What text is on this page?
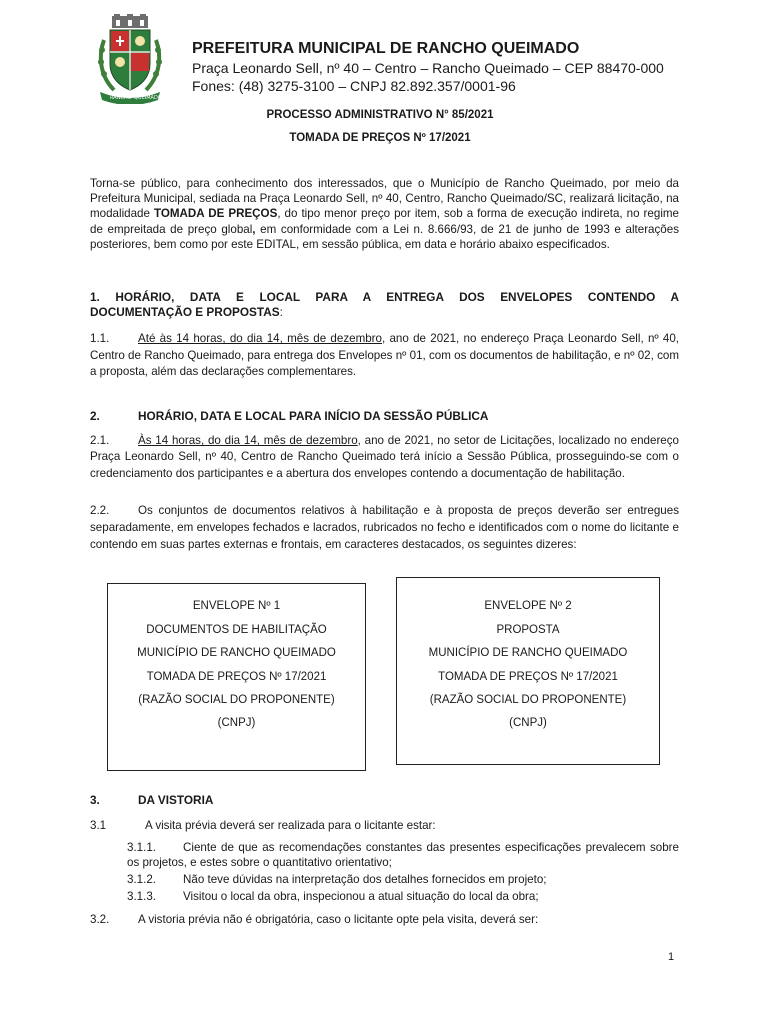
RANCHO QUEIMADO
PREFEITURA MUNICIPAL DE RANCHO QUEIMADO
Praça Leonardo Sell, nº 40 – Centro – Rancho Queimado – CEP 88470-000
Fones: (48) 3275-3100 – CNPJ 82.892.357/0001-96
PROCESSO ADMINISTRATIVO N° 85/2021
TOMADA DE PREÇOS Nº 17/2021
Torna-se público, para conhecimento dos interessados, que o Município de Rancho Queimado, por meio da Prefeitura Municipal, sediada na Praça Leonardo Sell, nº 40, Centro, Rancho Queimado/SC, realizará licitação, na modalidade TOMADA DE PREÇOS, do tipo menor preço por item, sob a forma de execução indireta, no regime de empreitada de preço global, em conformidade com a Lei n. 8.666/93, de 21 de junho de 1993 e alterações posteriores, bem como por este EDITAL, em sessão pública, em data e horário abaixo especificados.
1. HORÁRIO, DATA E LOCAL PARA A ENTREGA DOS ENVELOPES CONTENDO A
DOCUMENTAÇÃO E PROPOSTAS:
1.1. Até às 14 horas, do dia 14, mês de dezembro, ano de 2021, no endereço Praça Leonardo Sell, nº 40, Centro de Rancho Queimado, para entrega dos Envelopes nº 01, com os documentos de habilitação, e nº 02, com a proposta, além das declarações complementares.
2.	HORÁRIO, DATA E LOCAL PARA INÍCIO DA SESSÃO PÚBLICA
2.1. Às 14 horas, do dia 14, mês de dezembro, ano de 2021, no setor de Licitações, localizado no endereço Praça Leonardo Sell, nº 40, Centro de Rancho Queimado terá início a Sessão Pública, prosseguindo-se com o credenciamento dos participantes e a abertura dos envelopes contendo a documentação de habilitação.
2.2. Os conjuntos de documentos relativos à habilitação e à proposta de preços deverão ser entregues separadamente, em envelopes fechados e lacrados, rubricados no fecho e identificados com o nome do licitante e contendo em suas partes externas e frontais, em caracteres destacados, os seguintes dizeres:
ENVELOPE Nº 1
DOCUMENTOS DE HABILITAÇÃO
MUNICÍPIO DE RANCHO QUEIMADO
TOMADA DE PREÇOS Nº 17/2021
(RAZÃO SOCIAL DO PROPONENTE)
(CNPJ)
ENVELOPE Nº 2
PROPOSTA
MUNICÍPIO DE RANCHO QUEIMADO
TOMADA DE PREÇOS Nº 17/2021
(RAZÃO SOCIAL DO PROPONENTE)
(CNPJ)
3.	DA VISTORIA
3.1	A visita prévia deverá ser realizada para o licitante estar:
3.1.1. Ciente de que as recomendações constantes das presentes especificações prevalecem sobre os projetos, e estes sobre o quantitativo orientativo;
3.1.2. Não teve dúvidas na interpretação dos detalhes fornecidos em projeto;
3.1.3. Visitou o local da obra, inspecionou a atual situação do local da obra;
3.2. A vistoria prévia não é obrigatória, caso o licitante opte pela visita, deverá ser:
1
